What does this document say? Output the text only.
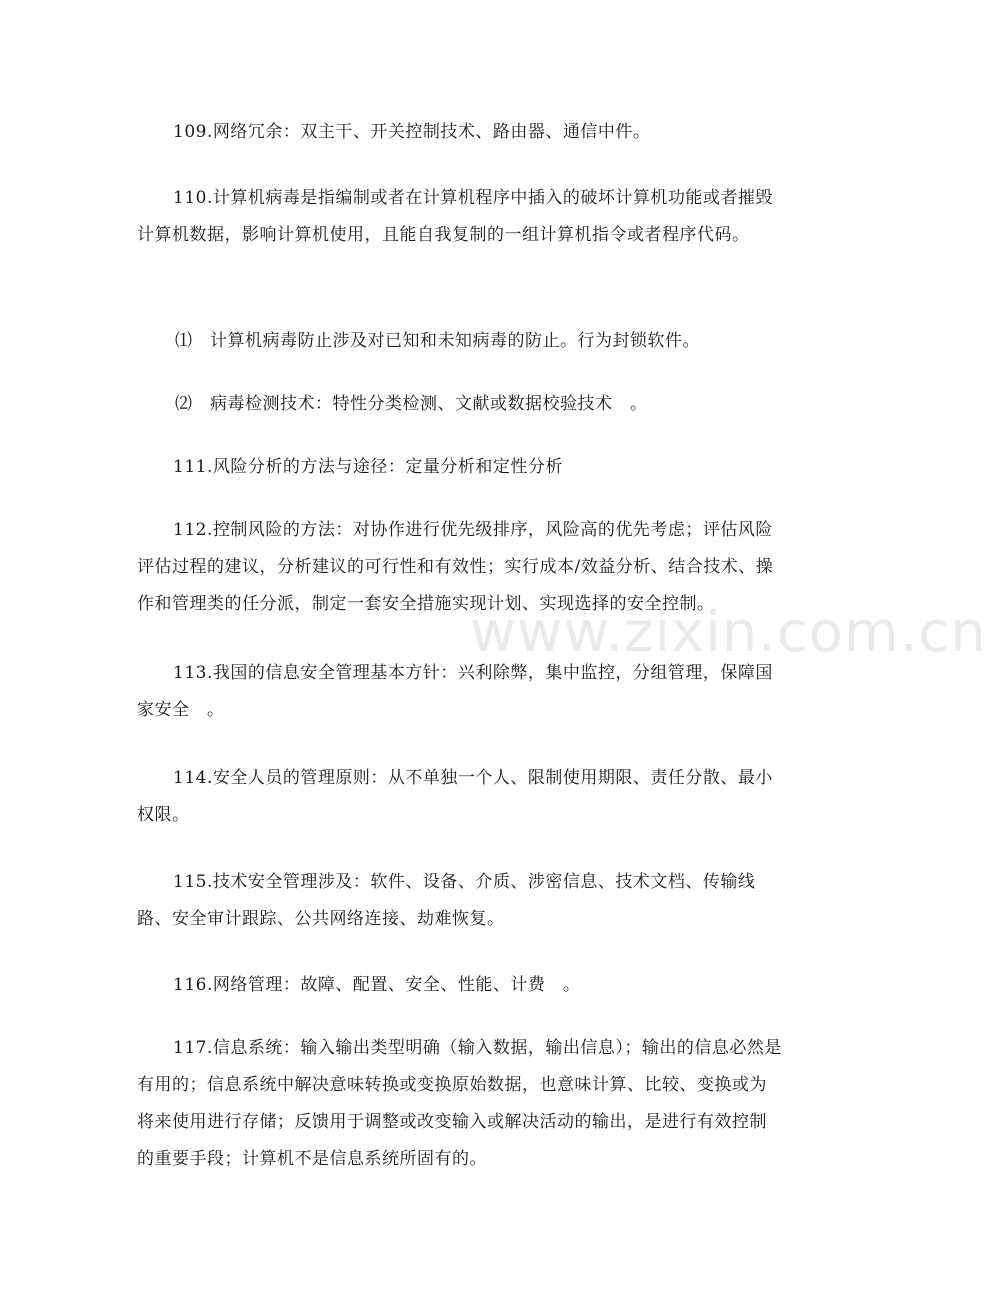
109.网络冗余：双主干、开关控制技术、路由器、通信中件。

110.计算机病毒是指编制或者在计算机程序中插入的破坏计算机功能或者摧毁计算机数据，影响计算机使用，且能自我复制的一组计算机指令或者程序代码。

⑴　计算机病毒防止涉及对已知和未知病毒的防止。行为封锁软件。

⑵　病毒检测技术：特性分类检测、文献或数据校验技术　。

111.风险分析的方法与途径：定量分析和定性分析

112.控制风险的方法：对协作进行优先级排序，风险高的优先考虑；评估风险评估过程的建议，分析建议的可行性和有效性；实行成本/效益分析、结合技术、操作和管理类的任分派，制定一套安全措施实现计划、实现选择的安全控制。

113.我国的信息安全管理基本方针：兴利除弊，集中监控，分组管理，保障国家安全　。

114.安全人员的管理原则：从不单独一个人、限制使用期限、责任分散、最小权限。

115.技术安全管理涉及：软件、设备、介质、涉密信息、技术文档、传输线路、安全审计跟踪、公共网络连接、劫难恢复。

116.网络管理：故障、配置、安全、性能、计费　。

117.信息系统：输入输出类型明确（输入数据，输出信息）；输出的信息必然是有用的；信息系统中解决意味转换或变换原始数据，也意味计算、比较、变换或为将来使用进行存储；反馈用于调整或改变输入或解决活动的输出，是进行有效控制的重要手段；计算机不是信息系统所固有的。

www.zixin.com.cn
